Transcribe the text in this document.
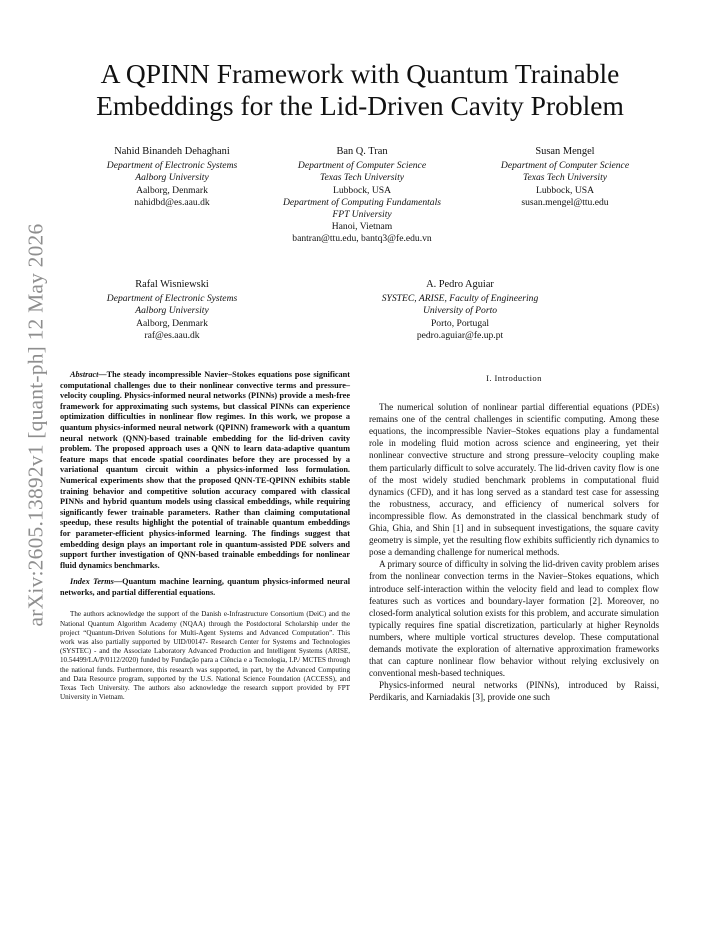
arXiv:2605.13892v1 [quant-ph] 12 May 2026
A QPINN Framework with Quantum Trainable
Embeddings for the Lid-Driven Cavity Problem
Nahid Binandeh Dehaghani
Department of Electronic Systems
Aalborg University
Aalborg, Denmark
nahidbd@es.aau.dk
Ban Q. Tran
Department of Computer Science
Texas Tech University
Lubbock, USA
Department of Computing Fundamentals
FPT University
Hanoi, Vietnam
bantran@ttu.edu, bantq3@fe.edu.vn
Susan Mengel
Department of Computer Science
Texas Tech University
Lubbock, USA
susan.mengel@ttu.edu
Rafal Wisniewski
Department of Electronic Systems
Aalborg University
Aalborg, Denmark
raf@es.aau.dk
A. Pedro Aguiar
SYSTEC, ARISE, Faculty of Engineering
University of Porto
Porto, Portugal
pedro.aguiar@fe.up.pt

Abstract—The steady incompressible Navier–Stokes equations pose significant computational challenges due to their nonlinear convective terms and pressure–velocity coupling. Physics-informed neural networks (PINNs) provide a mesh-free framework for approximating such systems, but classical PINNs can experience optimization difficulties in nonlinear flow regimes. In this work, we propose a quantum physics-informed neural network (QPINN) framework with a quantum neural network (QNN)-based trainable embedding for the lid-driven cavity problem. The proposed approach uses a QNN to learn data-adaptive quantum feature maps that encode spatial coordinates before they are processed by a variational quantum circuit within a physics-informed loss formulation. Numerical experiments show that the proposed QNN-TE-QPINN exhibits stable training behavior and competitive solution accuracy compared with classical PINNs and hybrid quantum models using classical embeddings, while requiring significantly fewer trainable parameters. Rather than claiming computational speedup, these results highlight the potential of trainable quantum embeddings for parameter-efficient physics-informed learning. The findings suggest that embedding design plays an important role in quantum-assisted PDE solvers and support further investigation of QNN-based trainable embeddings for nonlinear fluid dynamics benchmarks.

Index Terms—Quantum machine learning, quantum physics-informed neural networks, and partial differential equations.

The authors acknowledge the support of the Danish e-Infrastructure Consortium (DeiC) and the National Quantum Algorithm Academy (NQAA) through the Postdoctoral Scholarship under the project “Quantum-Driven Solutions for Multi-Agent Systems and Advanced Computation”. This work was also partially supported by UID/00147- Research Center for Systems and Technologies (SYSTEC) - and the Associate Laboratory Advanced Production and Intelligent Systems (ARISE, 10.54499/LA/P/0112/2020) funded by Fundação para a Ciência e a Tecnologia, I.P./ MCTES through the national funds. Furthermore, this research was supported, in part, by the Advanced Computing and Data Resource program, supported by the U.S. National Science Foundation (ACCESS), and Texas Tech University. The authors also acknowledge the research support provided by FPT University in Vietnam.

I. Introduction

The numerical solution of nonlinear partial differential equations (PDEs) remains one of the central challenges in scientific computing. Among these equations, the incompressible Navier–Stokes equations play a fundamental role in modeling fluid motion across science and engineering, yet their nonlinear convective structure and strong pressure–velocity coupling make them particularly difficult to solve accurately. The lid-driven cavity flow is one of the most widely studied benchmark problems in computational fluid dynamics (CFD), and it has long served as a standard test case for assessing the robustness, accuracy, and efficiency of numerical solvers for incompressible flow. As demonstrated in the classical benchmark study of Ghia, Ghia, and Shin [1] and in subsequent investigations, the square cavity geometry is simple, yet the resulting flow exhibits sufficiently rich dynamics to pose a demanding challenge for numerical methods.

A primary source of difficulty in solving the lid-driven cavity problem arises from the nonlinear convection terms in the Navier–Stokes equations, which introduce self-interaction within the velocity field and lead to complex flow features such as vortices and boundary-layer formation [2]. Moreover, no closed-form analytical solution exists for this problem, and accurate simulation typically requires fine spatial discretization, particularly at higher Reynolds numbers, where multiple vortical structures develop. These computational demands motivate the exploration of alternative approximation frameworks that can capture nonlinear flow behavior without relying exclusively on conventional mesh-based techniques.

Physics-informed neural networks (PINNs), introduced by Raissi, Perdikaris, and Karniadakis [3], provide one such
